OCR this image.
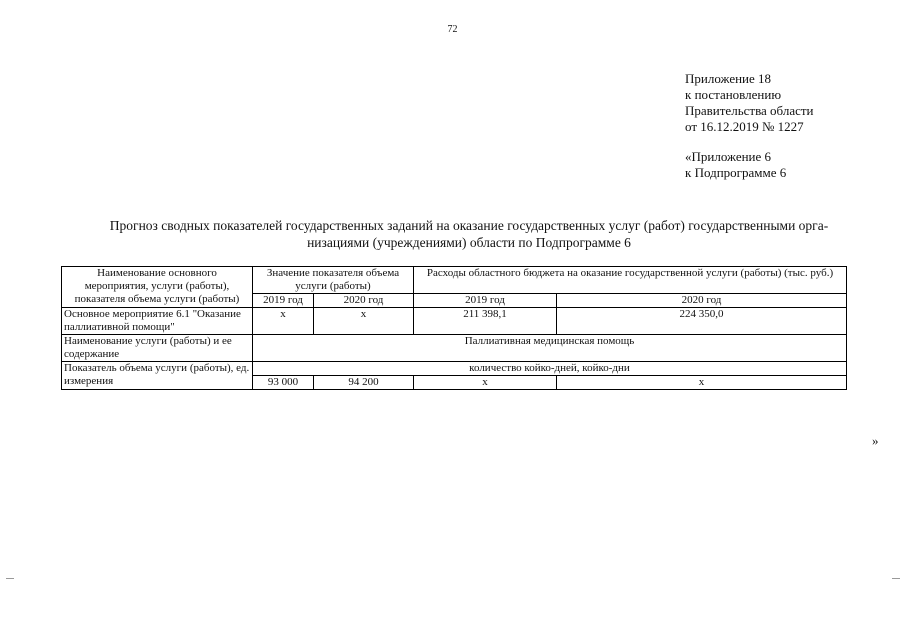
72
Приложение 18
к постановлению
Правительства области
от 16.12.2019 № 1227
«Приложение 6
к Подпрограмме 6
Прогноз сводных показателей государственных заданий на оказание государственных услуг (работ) государственными орга-
низациями (учреждениями) области по Подпрограмме 6
Наименование основного мероприятия, услуги (работы), показателя объема услуги (работы)	Значение показателя объема услуги (работы)		Расходы областного бюджета на оказание государственной услуги (работы) (тыс. руб.)	
	2019 год	2020 год	2019 год	2020 год
Основное мероприятие 6.1 "Оказание паллиативной помощи"	х	х	211 398,1	224 350,0
Наименование услуги (работы) и ее содержание	Паллиативная медицинская помощь			
Показатель объема услуги (работы), ед. измерения	количество койко-дней, койко-дни			
	93 000	94 200	х	х
»
